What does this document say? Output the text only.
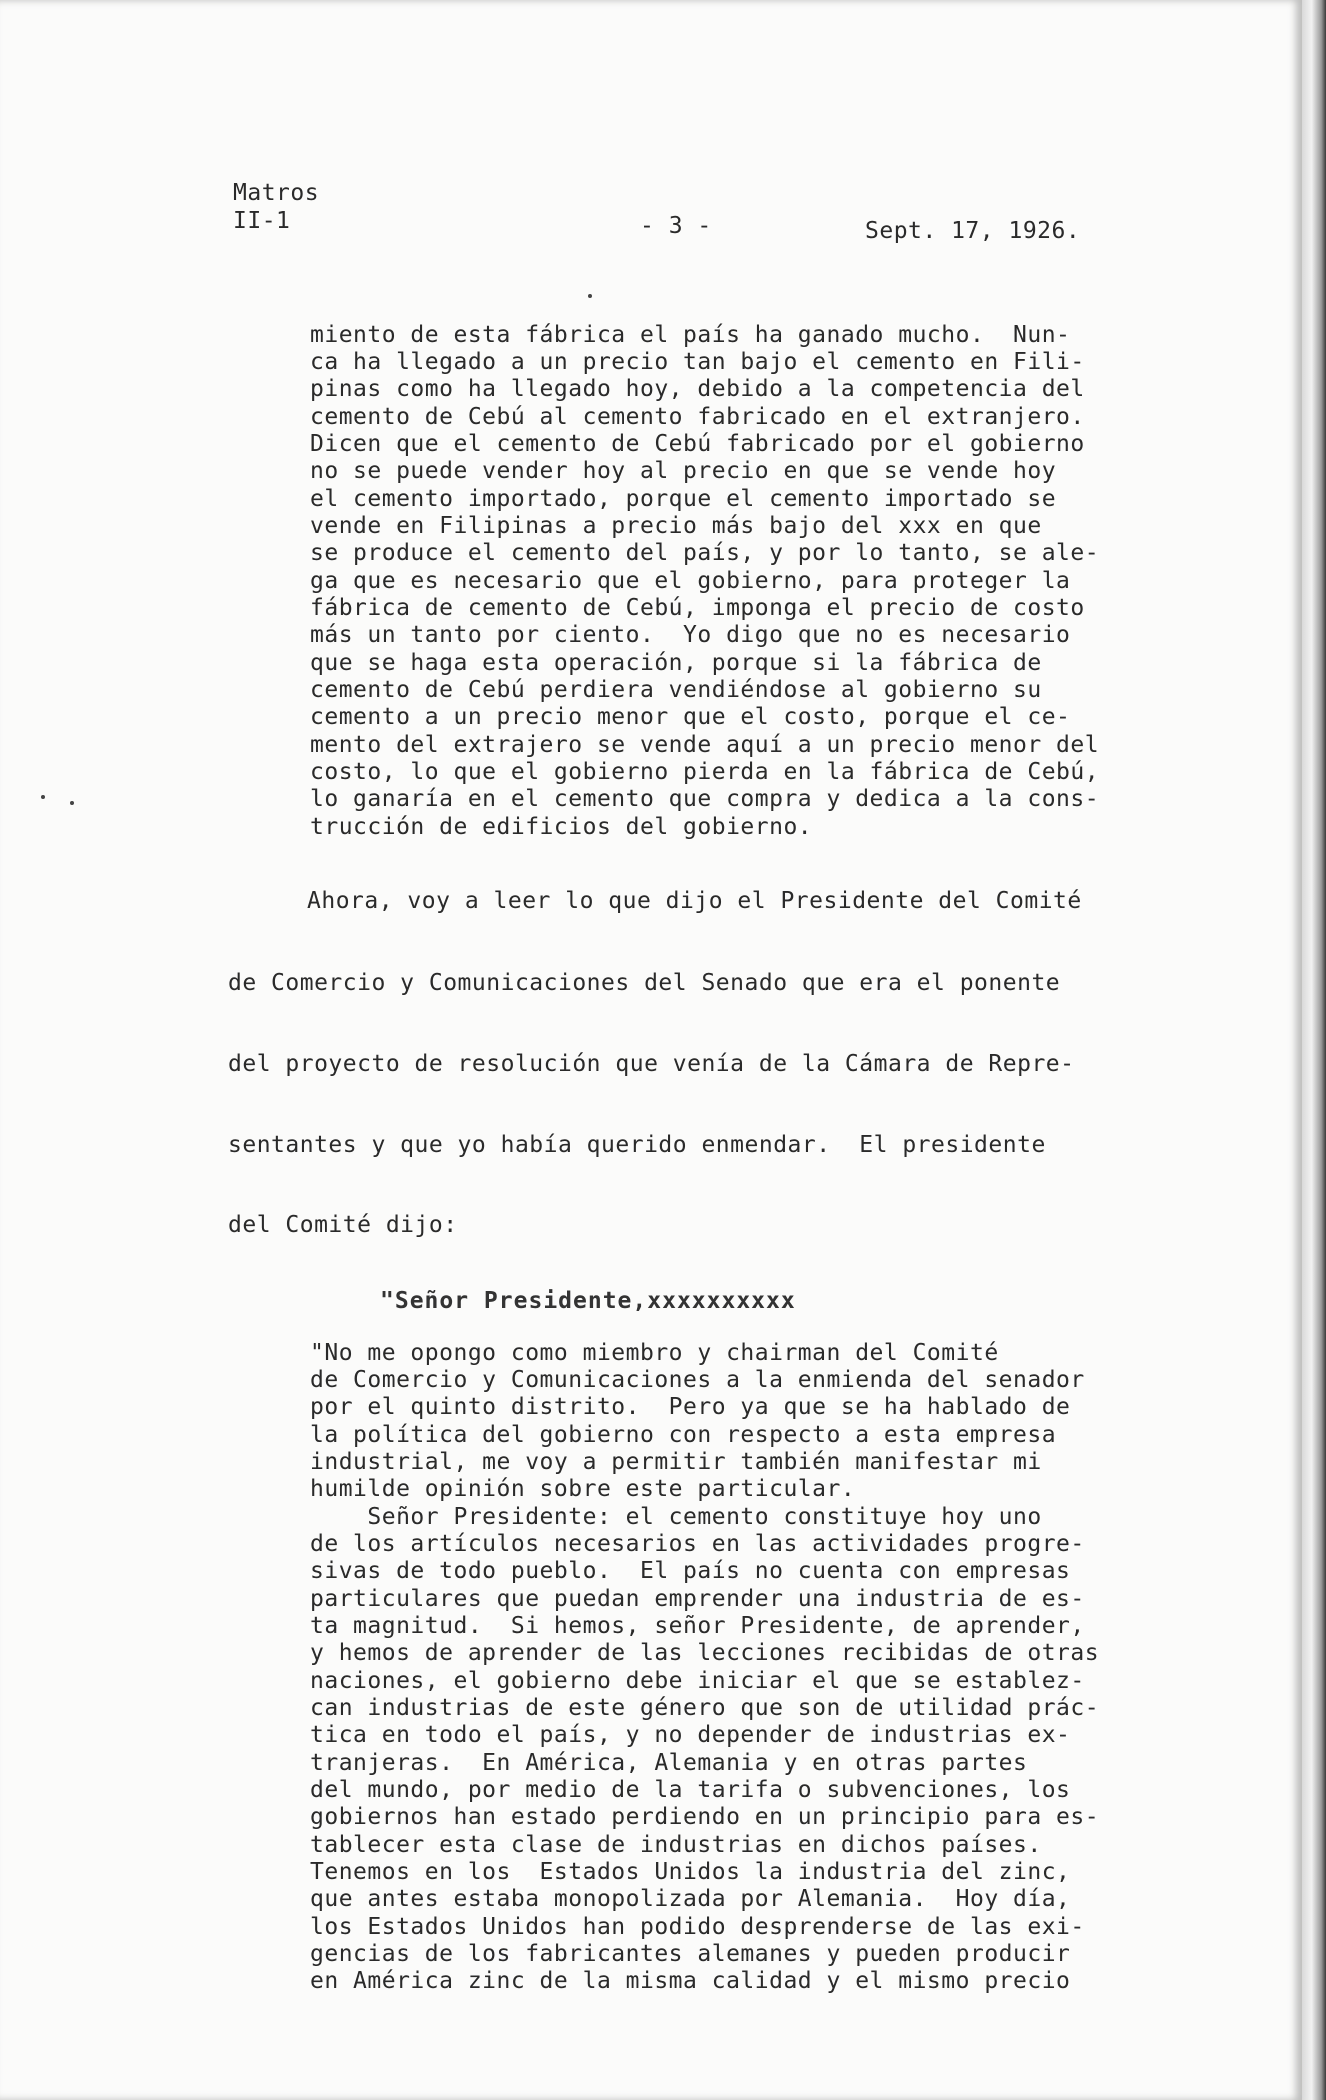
Matros
II-1	- 3 -	Sept. 17, 1926.
miento de esta fábrica el país ha ganado mucho.  Nun-
ca ha llegado a un precio tan bajo el cemento en Fili-
pinas como ha llegado hoy, debido a la competencia del
cemento de Cebú al cemento fabricado en el extranjero.
Dicen que el cemento de Cebú fabricado por el gobierno
no se puede vender hoy al precio en que se vende hoy
el cemento importado, porque el cemento importado se
vende en Filipinas a precio más bajo del xxx en que
se produce el cemento del país, y por lo tanto, se ale-
ga que es necesario que el gobierno, para proteger la
fábrica de cemento de Cebú, imponga el precio de costo
más un tanto por ciento.  Yo digo que no es necesario
que se haga esta operación, porque si la fábrica de
cemento de Cebú perdiera vendiéndose al gobierno su
cemento a un precio menor que el costo, porque el ce-
mento del extrajero se vende aquí a un precio menor del
costo, lo que el gobierno pierda en la fábrica de Cebú,
lo ganaría en el cemento que compra y dedica a la cons-
trucción de edificios del gobierno.
Ahora, voy a leer lo que dijo el Presidente del Comité
de Comercio y Comunicaciones del Senado que era el ponente
del proyecto de resolución que venía de la Cámara de Repre-
sentantes y que yo había querido enmendar.  El presidente
del Comité dijo:
"Señor Presidente,xxxxxxxxxx
"No me opongo como miembro y chairman del Comité
de Comercio y Comunicaciones a la enmienda del senador
por el quinto distrito.  Pero ya que se ha hablado de
la política del gobierno con respecto a esta empresa
industrial, me voy a permitir también manifestar mi
humilde opinión sobre este particular.
Señor Presidente: el cemento constituye hoy uno
de los artículos necesarios en las actividades progre-
sivas de todo pueblo.  El país no cuenta con empresas
particulares que puedan emprender una industria de es-
ta magnitud.  Si hemos, señor Presidente, de aprender,
y hemos de aprender de las lecciones recibidas de otras
naciones, el gobierno debe iniciar el que se establez-
can industrias de este género que son de utilidad prác-
tica en todo el país, y no depender de industrias ex-
tranjeras.  En América, Alemania y en otras partes
del mundo, por medio de la tarifa o subvenciones, los
gobiernos han estado perdiendo en un principio para es-
tablecer esta clase de industrias en dichos países.
Tenemos en los  Estados Unidos la industria del zinc,
que antes estaba monopolizada por Alemania.  Hoy día,
los Estados Unidos han podido desprenderse de las exi-
gencias de los fabricantes alemanes y pueden producir
en América zinc de la misma calidad y el mismo precio
